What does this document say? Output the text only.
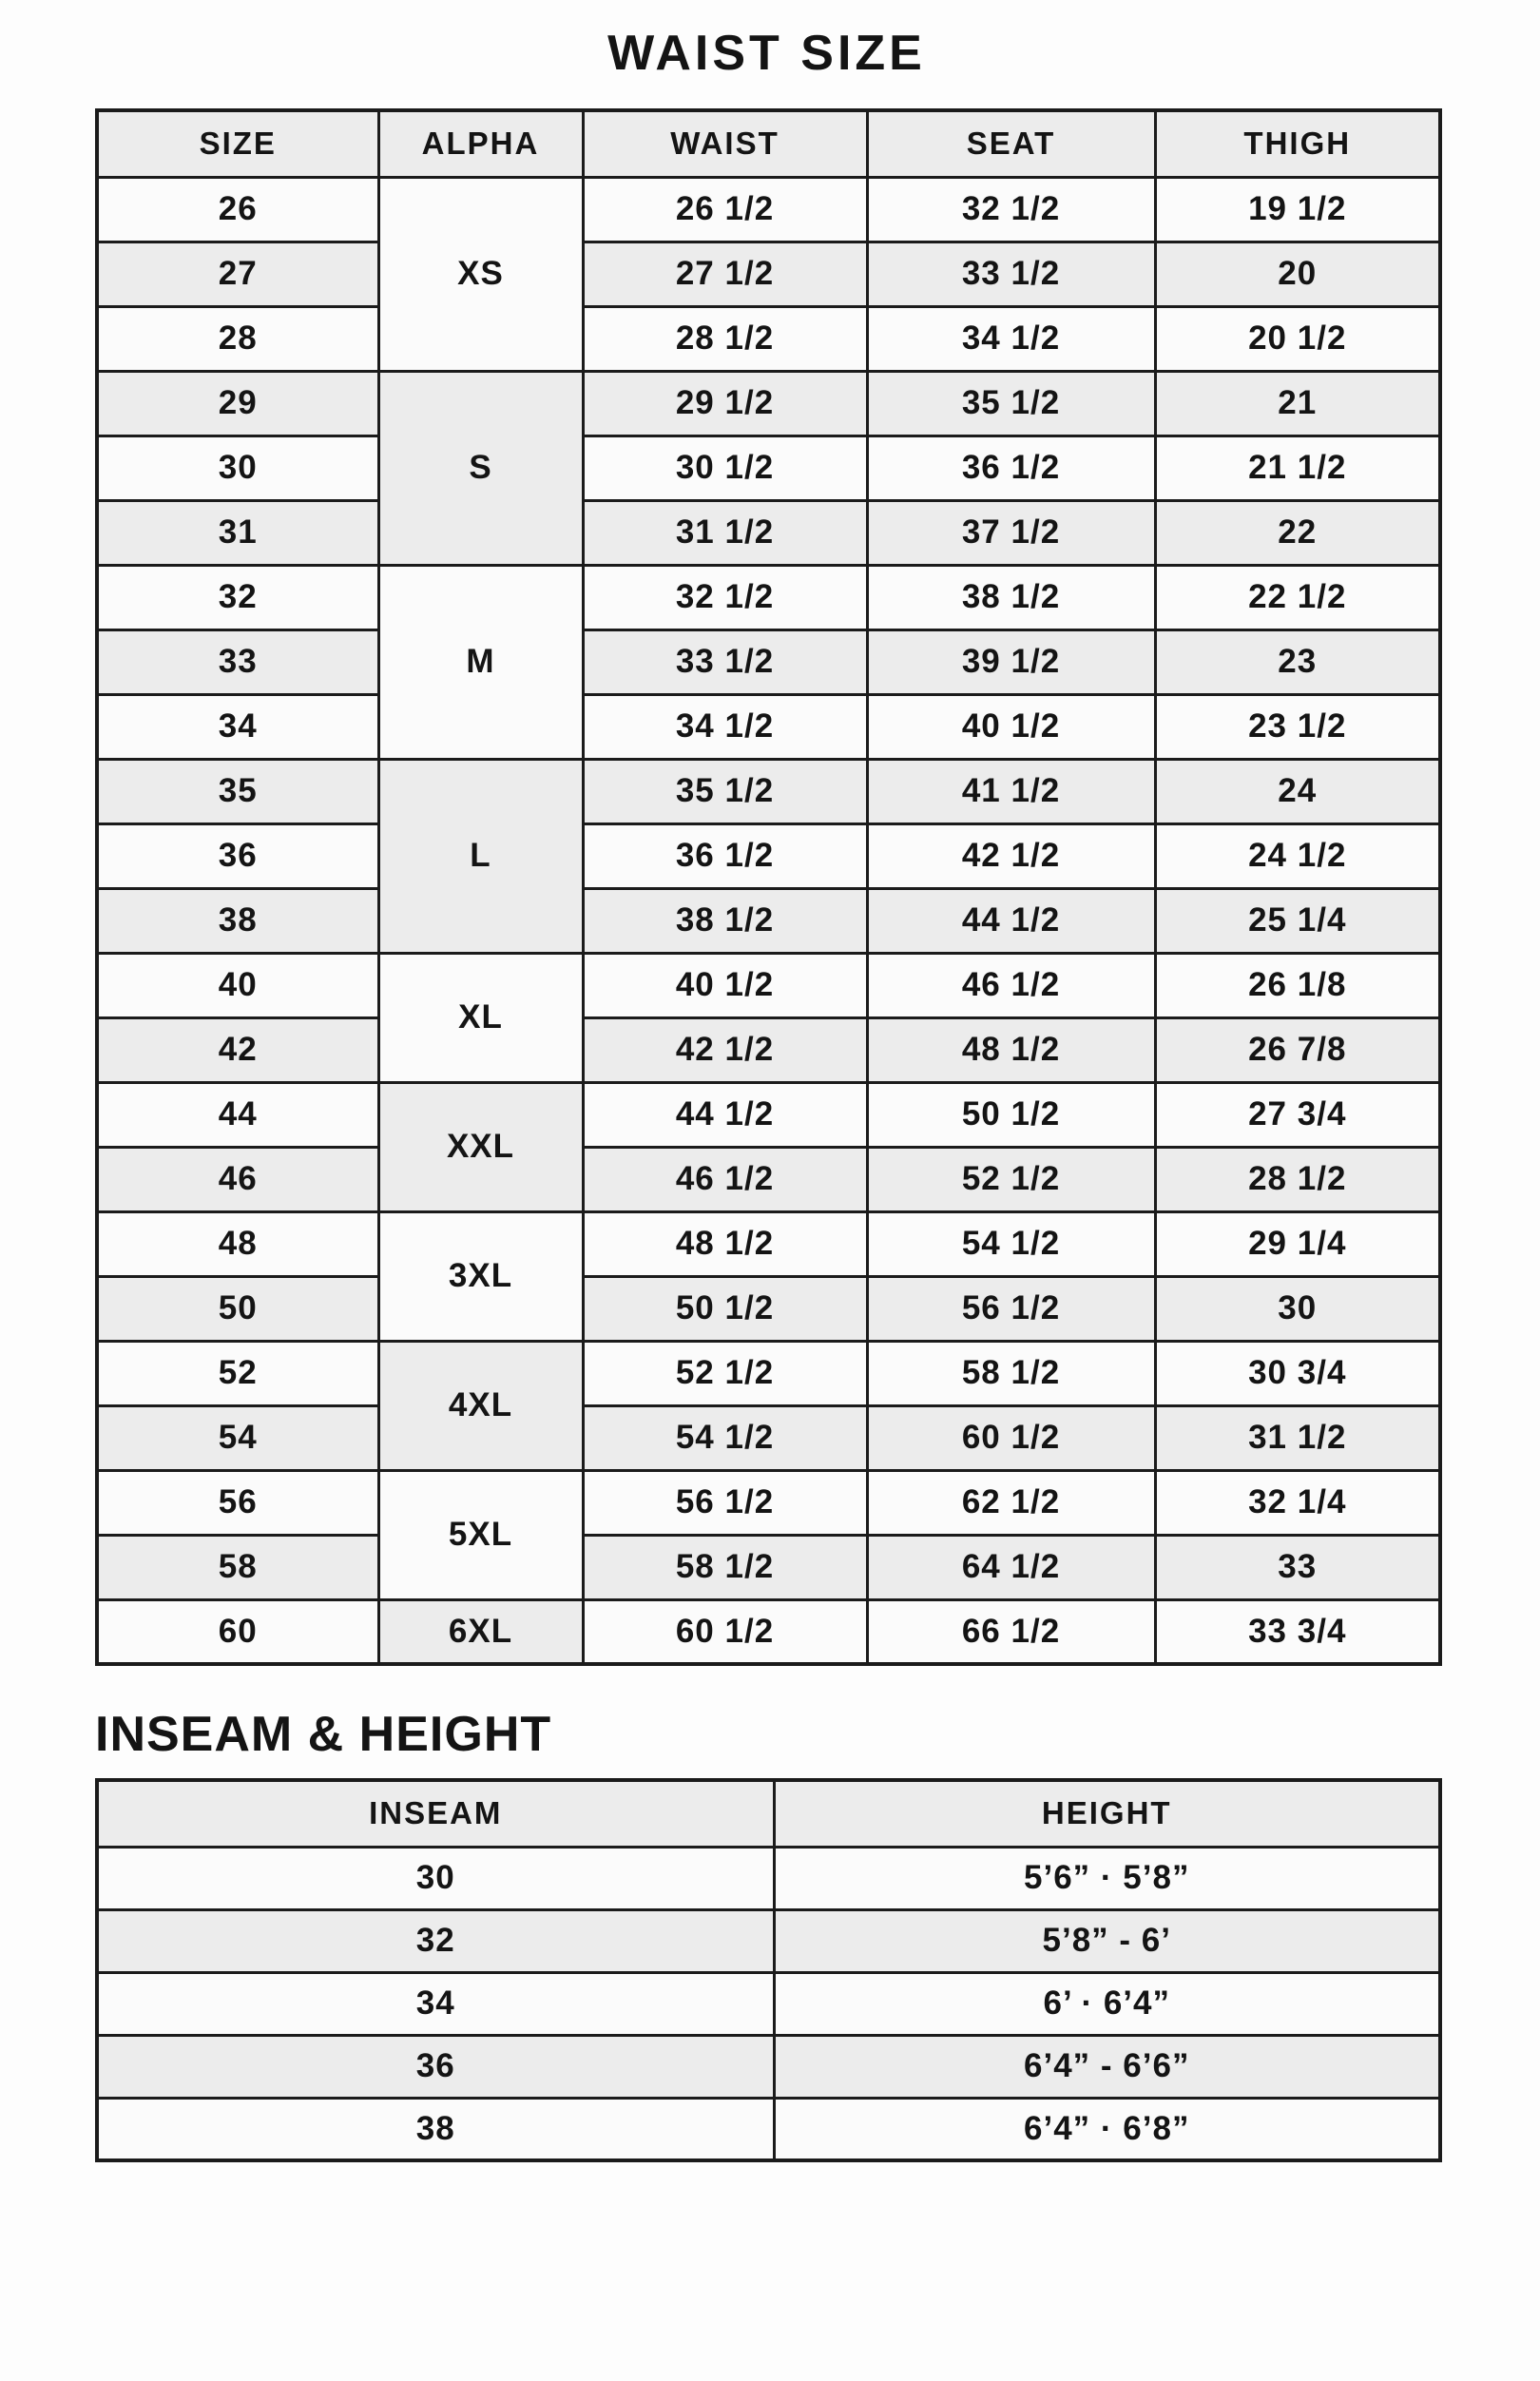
WAIST SIZE
SIZE	ALPHA	WAIST	SEAT	THIGH
26	XS	26 1/2	32 1/2	19 1/2
27		27 1/2	33 1/2	20
28		28 1/2	34 1/2	20 1/2
29	S	29 1/2	35 1/2	21
30		30 1/2	36 1/2	21 1/2
31		31 1/2	37 1/2	22
32	M	32 1/2	38 1/2	22 1/2
33		33 1/2	39 1/2	23
34		34 1/2	40 1/2	23 1/2
35	L	35 1/2	41 1/2	24
36		36 1/2	42 1/2	24 1/2
38		38 1/2	44 1/2	25 1/4
40	XL	40 1/2	46 1/2	26 1/8
42		42 1/2	48 1/2	26 7/8
44	XXL	44 1/2	50 1/2	27 3/4
46		46 1/2	52 1/2	28 1/2
48	3XL	48 1/2	54 1/2	29 1/4
50		50 1/2	56 1/2	30
52	4XL	52 1/2	58 1/2	30 3/4
54		54 1/2	60 1/2	31 1/2
56	5XL	56 1/2	62 1/2	32 1/4
58		58 1/2	64 1/2	33
60	6XL	60 1/2	66 1/2	33 3/4
INSEAM & HEIGHT
INSEAM	HEIGHT
30	5’6” · 5’8”
32	5’8” - 6’
34	6’ · 6’4”
36	6’4” - 6’6”
38	6’4” · 6’8”
